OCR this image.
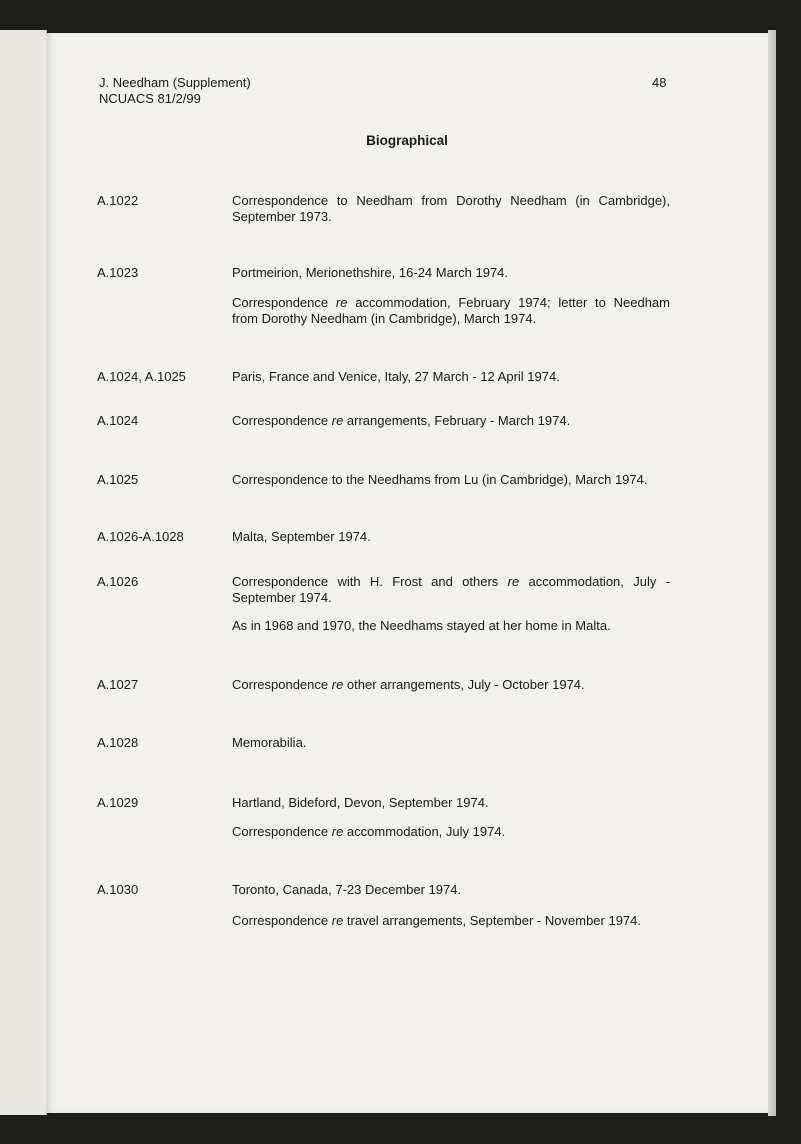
J. Needham (Supplement)
NCUACS 81/2/99
48
Biographical
A.1022	Correspondence to Needham from Dorothy Needham (in Cambridge), September 1973.
A.1023	Portmeirion, Merionethshire, 16-24 March 1974.
Correspondence re accommodation, February 1974; letter to Needham from Dorothy Needham (in Cambridge), March 1974.
A.1024, A.1025	Paris, France and Venice, Italy, 27 March - 12 April 1974.
A.1024	Correspondence re arrangements, February - March 1974.
A.1025	Correspondence to the Needhams from Lu (in Cambridge), March 1974.
A.1026-A.1028	Malta, September 1974.
A.1026	Correspondence with H. Frost and others re accommodation, July - September 1974.
As in 1968 and 1970, the Needhams stayed at her home in Malta.
A.1027	Correspondence re other arrangements, July - October 1974.
A.1028	Memorabilia.
A.1029	Hartland, Bideford, Devon, September 1974.
Correspondence re accommodation, July 1974.
A.1030	Toronto, Canada, 7-23 December 1974.
Correspondence re travel arrangements, September - November 1974.
